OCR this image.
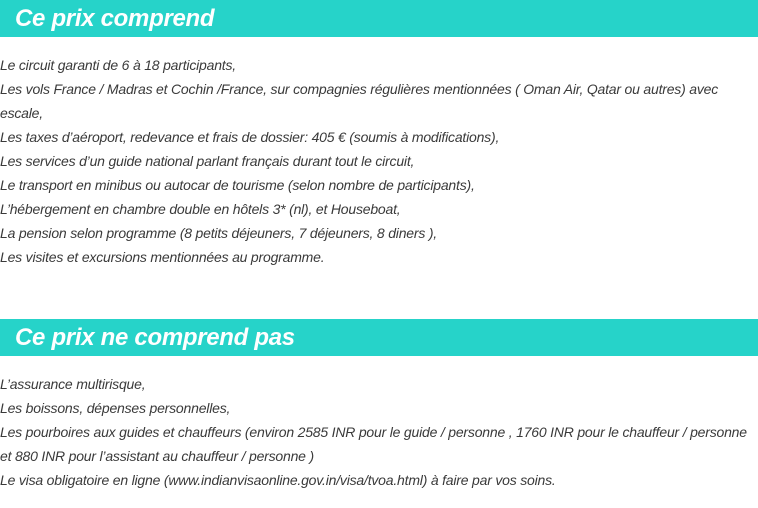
Ce prix comprend
Le circuit garanti de 6 à 18 participants,
Les vols France / Madras et Cochin /France, sur compagnies régulières mentionnées ( Oman Air, Qatar ou autres) avec escale,
Les taxes d’aéroport, redevance et frais de dossier: 405 € (soumis à modifications),
Les services d’un guide national parlant français durant tout le circuit,
Le transport en minibus ou autocar de tourisme (selon nombre de participants),
L’hébergement en chambre double en hôtels 3* (nl), et Houseboat,
La pension selon programme (8 petits déjeuners, 7 déjeuners, 8 diners ),
Les visites et excursions mentionnées au programme.
Ce prix ne comprend pas
L’assurance multirisque,
Les boissons, dépenses personnelles,
Les pourboires aux guides et chauffeurs (environ 2585 INR pour le guide / personne , 1760 INR pour le chauffeur / personne et 880 INR pour l’assistant au chauffeur / personne )
Le visa obligatoire en ligne (www.indianvisaonline.gov.in/visa/tvoa.html) à faire par vos soins.
